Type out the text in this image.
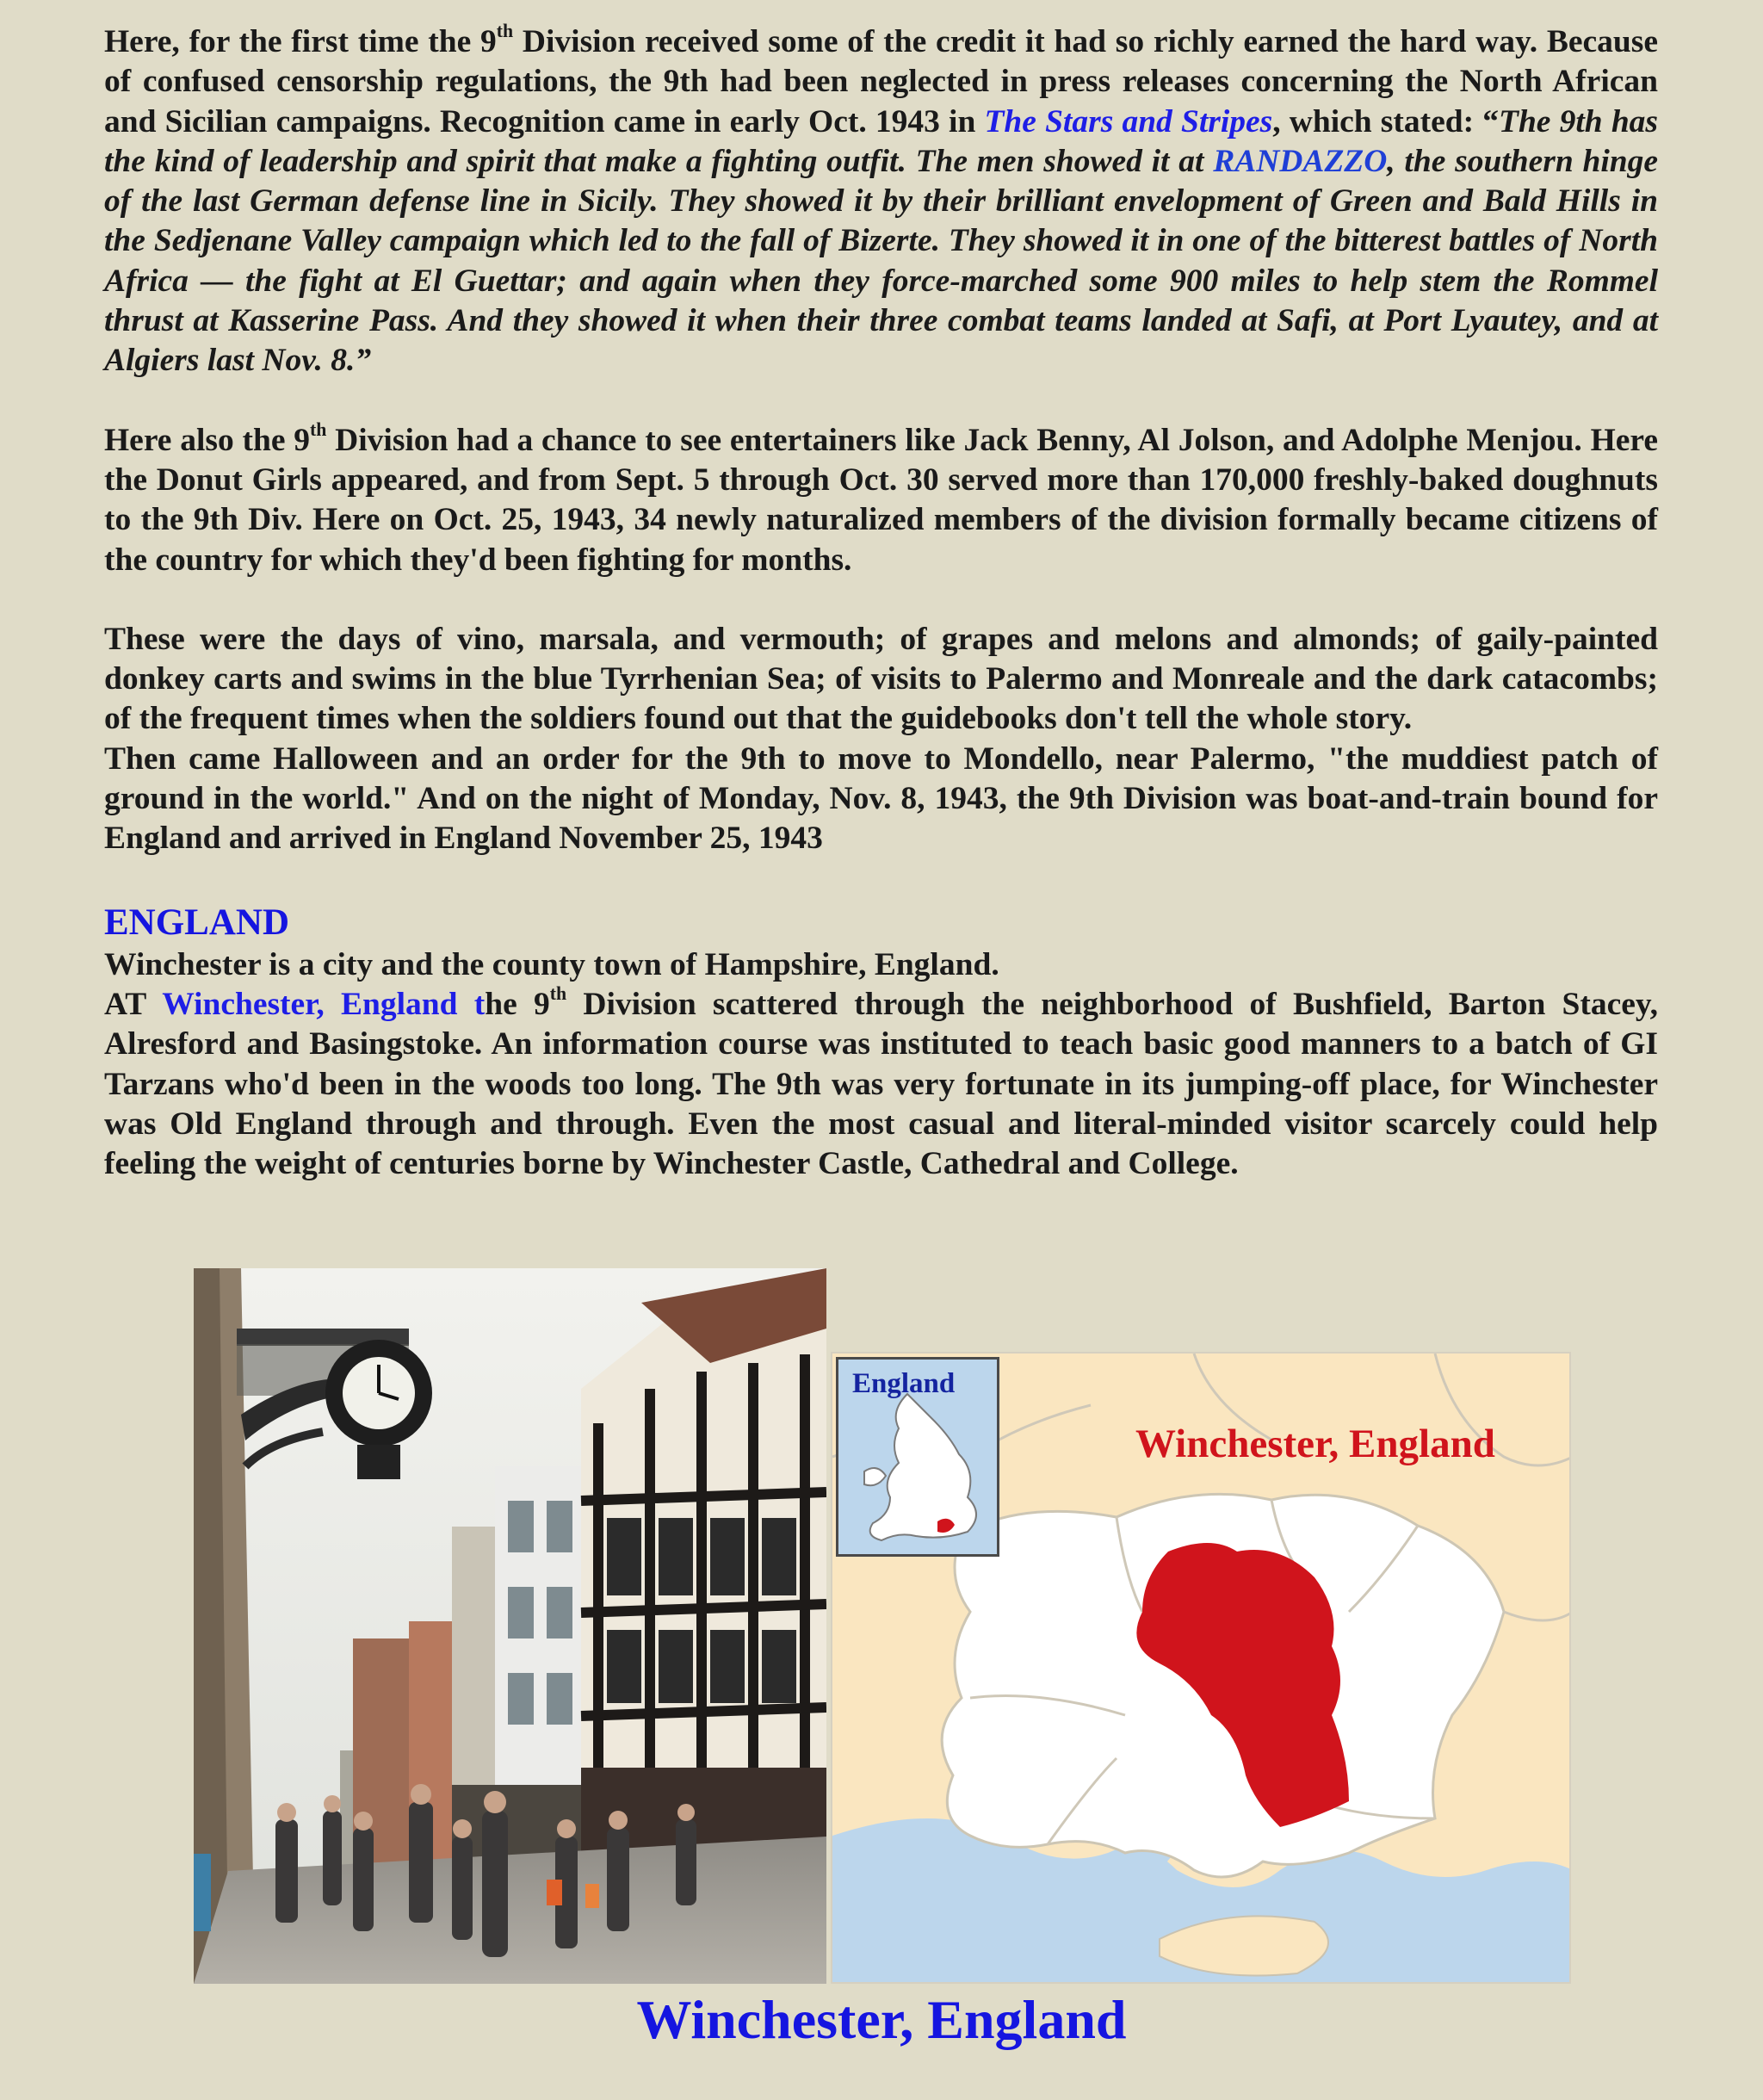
Here, for the first time the 9th Division received some of the credit it had so richly earned the hard way. Because of confused censorship regulations, the 9th had been neglected in press releases concerning the North African and Sicilian campaigns. Recognition came in early Oct. 1943 in The Stars and Stripes, which stated: “The 9th has the kind of leadership and spirit that make a fighting outfit. The men showed it at RANDAZZO, the southern hinge of the last German defense line in Sicily. They showed it by their brilliant envelopment of Green and Bald Hills in the Sedjenane Valley campaign which led to the fall of Bizerte. They showed it in one of the bitterest battles of North Africa — the fight at El Guettar; and again when they force-marched some 900 miles to help stem the Rommel thrust at Kasserine Pass. And they showed it when their three combat teams landed at Safi, at Port Lyautey, and at Algiers last Nov. 8.”

Here also the 9th Division had a chance to see entertainers like Jack Benny, Al Jolson, and Adolphe Menjou. Here the Donut Girls appeared, and from Sept. 5 through Oct. 30 served more than 170,000 freshly-baked doughnuts to the 9th Div. Here on Oct. 25, 1943, 34 newly naturalized members of the division formally became citizens of the country for which they'd been fighting for months.

These were the days of vino, marsala, and vermouth; of grapes and melons and almonds; of gaily-painted donkey carts and swims in the blue Tyrrhenian Sea; of visits to Palermo and Monreale and the dark catacombs; of the frequent times when the soldiers found out that the guidebooks don't tell the whole story.

Then came Halloween and an order for the 9th to move to Mondello, near Palermo, "the muddiest patch of ground in the world." And on the night of Monday, Nov. 8, 1943, the 9th Division was boat-and-train bound for England and arrived in England November 25, 1943

ENGLAND

Winchester is a city and the county town of Hampshire, England.

AT Winchester, England the 9th Division scattered through the neighborhood of Bushfield, Barton Stacey, Alresford and Basingstoke. An information course was instituted to teach basic good manners to a batch of GI Tarzans who'd been in the woods too long. The 9th was very fortunate in its jumping-off place, for Winchester was Old England through and through. Even the most casual and literal-minded visitor scarcely could help feeling the weight of centuries borne by Winchester Castle, Cathedral and College.

Winchester, England
England
Winchester, England
